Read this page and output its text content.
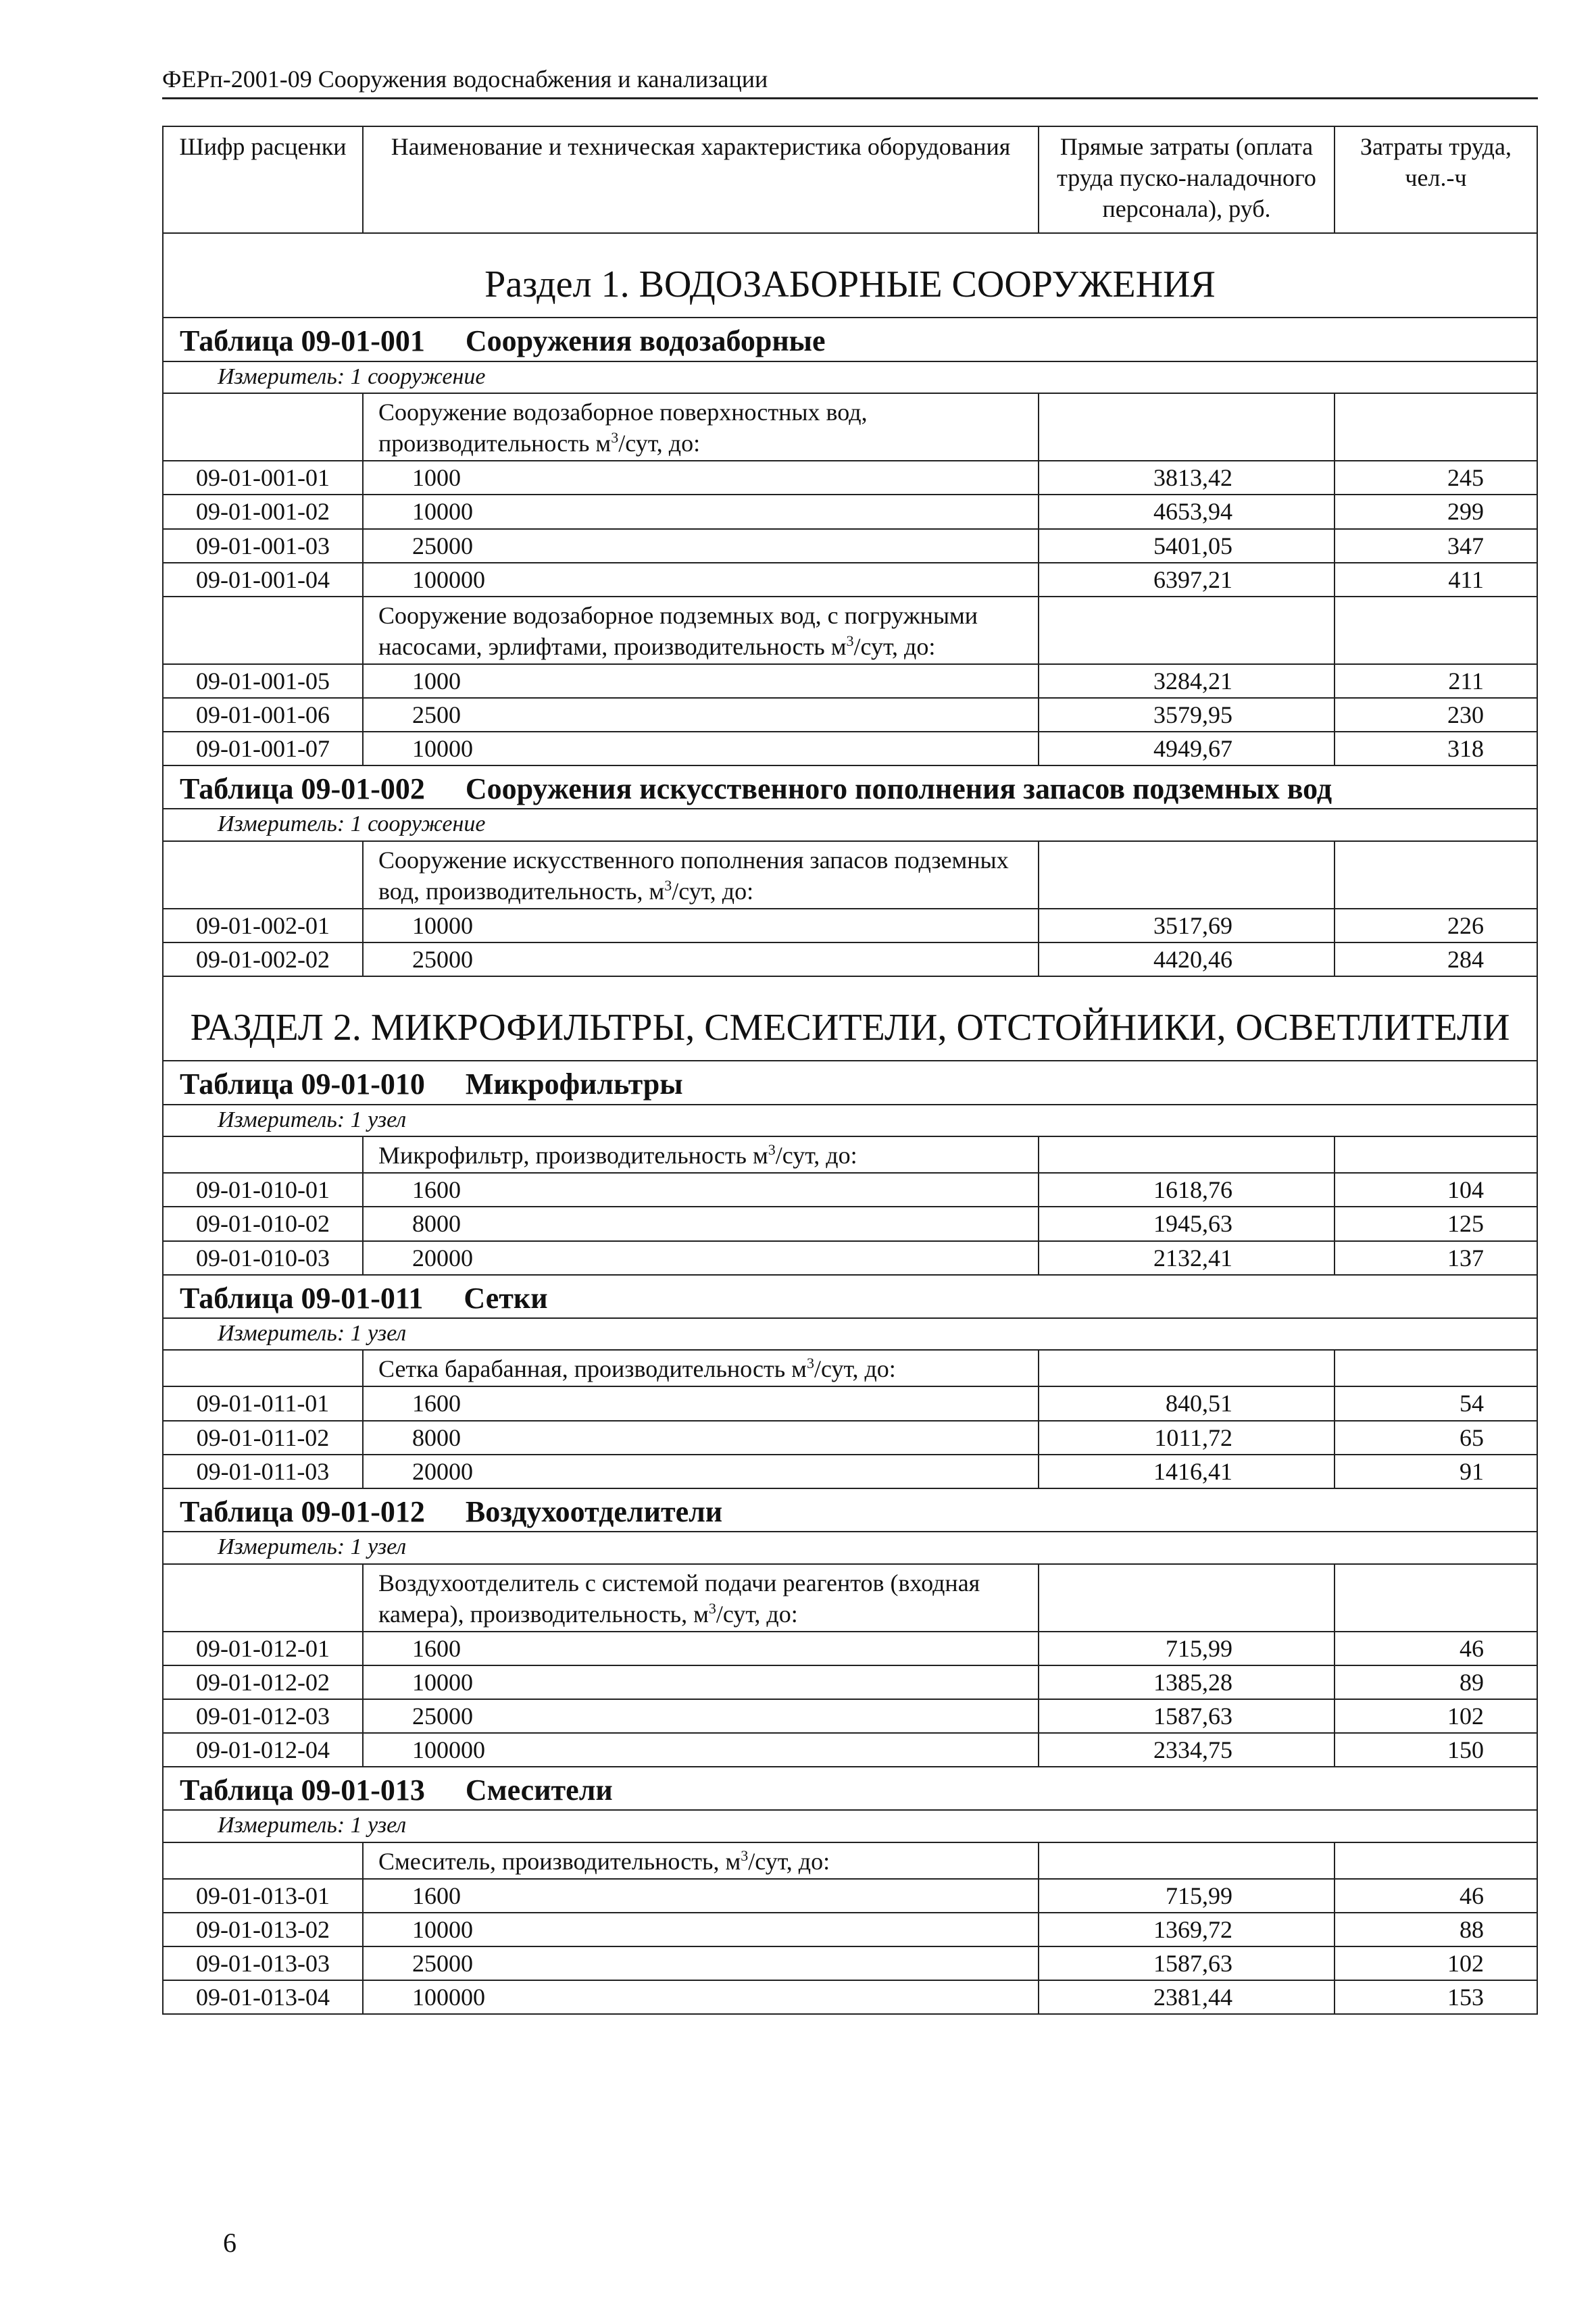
ФЕРп-2001-09 Сооружения водоснабжения и канализации
Шифр расценки	Наименование и техническая характеристика оборудования	Прямые затраты (оплата труда пуско-наладочного персонала), руб.	Затраты труда, чел.-ч
Раздел 1. ВОДОЗАБОРНЫЕ СООРУЖЕНИЯ			
Таблица 09-01-001 Сооружения водозаборные			
Измеритель: 1 сооружение			
	Сооружение водозаборное поверхностных вод, производительность $м^3$/сут, до:		
09-01-001-01	1000	3813,42	245
09-01-001-02	10000	4653,94	299
09-01-001-03	25000	5401,05	347
09-01-001-04	100000	6397,21	411
	Сооружение водозаборное подземных вод, с погружными насосами, эрлифтами, производительность $м^3$/сут, до:		
09-01-001-05	1000	3284,21	211
09-01-001-06	2500	3579,95	230
09-01-001-07	10000	4949,67	318
Таблица 09-01-002 Сооружения искусственного пополнения запасов подземных вод			
Измеритель: 1 сооружение			
	Сооружение искусственного пополнения запасов подземных вод, производительность, $м^3$/сут, до:		
09-01-002-01	10000	3517,69	226
09-01-002-02	25000	4420,46	284
РАЗДЕЛ 2. МИКРОФИЛЬТРЫ, СМЕСИТЕЛИ, ОТСТОЙНИКИ, ОСВЕТЛИТЕЛИ			
Таблица 09-01-010 Микрофильтры			
Измеритель: 1 узел			
	Микрофильтр, производительность $м^3$/сут, до:		
09-01-010-01	1600	1618,76	104
09-01-010-02	8000	1945,63	125
09-01-010-03	20000	2132,41	137
Таблица 09-01-011 Сетки			
Измеритель: 1 узел			
	Сетка барабанная, производительность $м^3$/сут, до:		
09-01-011-01	1600	840,51	54
09-01-011-02	8000	1011,72	65
09-01-011-03	20000	1416,41	91
Таблица 09-01-012 Воздухоотделители			
Измеритель: 1 узел			
	Воздухоотделитель с системой подачи реагентов (входная камера), производительность, $м^3$/сут, до:		
09-01-012-01	1600	715,99	46
09-01-012-02	10000	1385,28	89
09-01-012-03	25000	1587,63	102
09-01-012-04	100000	2334,75	150
Таблица 09-01-013 Смесители			
Измеритель: 1 узел			
	Смеситель, производительность, $м^3$/сут, до:		
09-01-013-01	1600	715,99	46
09-01-013-02	10000	1369,72	88
09-01-013-03	25000	1587,63	102
09-01-013-04	100000	2381,44	153
6
